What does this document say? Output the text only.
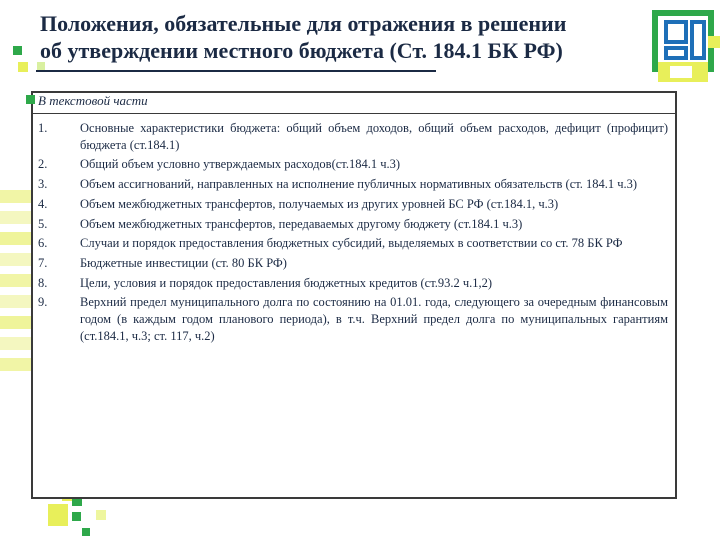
Положения, обязательные для отражения в решении
об утверждении местного бюджета (Ст. 184.1 БК РФ)
В текстовой части
1.	Основные характеристики бюджета: общий объем доходов, общий объем расходов, дефицит (профицит) бюджета (ст.184.1)
2.	Общий объем условно утверждаемых расходов(ст.184.1 ч.3)
3.	Объем ассигнований, направленных на исполнение публичных нормативных обязательств (ст. 184.1 ч.3)
4.	Объем межбюджетных трансфертов, получаемых из других уровней БС РФ (ст.184.1, ч.3)
5.	Объем межбюджетных трансфертов, передаваемых другому бюджету (ст.184.1 ч.3)
6.	Случаи и порядок предоставления бюджетных субсидий, выделяемых в соответствии со ст. 78 БК РФ
7.	Бюджетные инвестиции (ст. 80 БК РФ)
8.	Цели, условия и порядок предоставления бюджетных кредитов (ст.93.2 ч.1,2)
9.	Верхний предел муниципального долга по состоянию на 01.01. года, следующего за очередным финансовым годом (в каждым годом планового периода), в т.ч. Верхний предел долга по муниципальных гарантиям (ст.184.1, ч.3; ст. 117, ч.2)
